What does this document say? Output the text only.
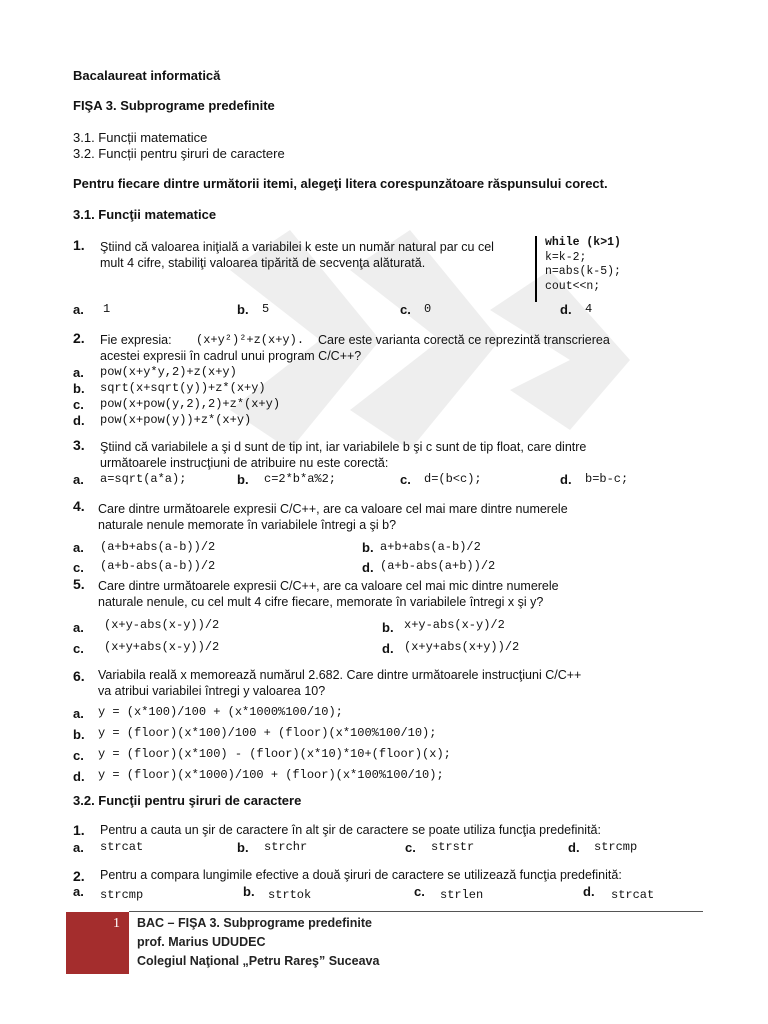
Bacalaureat informatică
FIŞA 3. Subprograme predefinite
3.1. Funcții matematice
3.2. Funcții pentru şiruri de caractere
Pentru fiecare dintre următorii itemi, alegeţi litera corespunzătoare răspunsului corect.
3.1. Funcţii matematice
1. Ştiind că valoarea iniţială a variabilei k este un număr natural par cu cel
mult 4 cifre, stabiliţi valoarea tipărită de secvenţa alăturată.
while (k>1)
k=k-2;
n=abs(k-5);
cout<<n;
a. 1	b. 5	c. 0	d. 4
2. Fie expresia: (x+y²)²+z(x+y). Care este varianta corectă ce reprezintă transcrierea
acestei expresii în cadrul unui program C/C++?
a. pow(x+y*y,2)+z(x+y)
b. sqrt(x+sqrt(y))+z*(x+y)
c. pow(x+pow(y,2),2)+z*(x+y)
d. pow(x+pow(y))+z*(x+y)
3. Ştiind că variabilele a şi d sunt de tip int, iar variabilele b şi c sunt de tip float, care dintre
următoarele instrucţiuni de atribuire nu este corectă:
a. a=sqrt(a*a);	b. c=2*b*a%2;	c. d=(b<c);	d. b=b-c;
4. Care dintre următoarele expresii C/C++, are ca valoare cel mai mare dintre numerele
naturale nenule memorate în variabilele întregi a şi b?
a. (a+b+abs(a-b))/2	b. a+b+abs(a-b)/2
c. (a+b-abs(a-b))/2	d. (a+b-abs(a+b))/2
5. Care dintre următoarele expresii C/C++, are ca valoare cel mai mic dintre numerele
naturale nenule, cu cel mult 4 cifre fiecare, memorate în variabilele întregi x şi y?
a. (x+y-abs(x-y))/2	b. x+y-abs(x-y)/2
c. (x+y+abs(x-y))/2	d. (x+y+abs(x+y))/2
6. Variabila reală x memorează numărul 2.682. Care dintre următoarele instrucţiuni C/C++
va atribui variabilei întregi y valoarea 10?
a. y = (x*100)/100 + (x*1000%100/10);
b. y = (floor)(x*100)/100 + (floor)(x*100%100/10);
c. y = (floor)(x*100) - (floor)(x*10)*10+(floor)(x);
d. y = (floor)(x*1000)/100 + (floor)(x*100%100/10);
3.2. Funcţii pentru şiruri de caractere
1. Pentru a cauta un şir de caractere în alt şir de caractere se poate utiliza funcţia predefinită:
a. strcat	b. strchr	c. strstr	d. strcmp
2. Pentru a compara lungimile efective a două şiruri de caractere se utilizează funcţia predefinită:
a. strcmp	b. strtok	c. strlen	d. strcat
1 BAC – FIŞA 3. Subprograme predefinite
prof. Marius UDUDEC
Colegiul Naţional „Petru Rareş” Suceava
